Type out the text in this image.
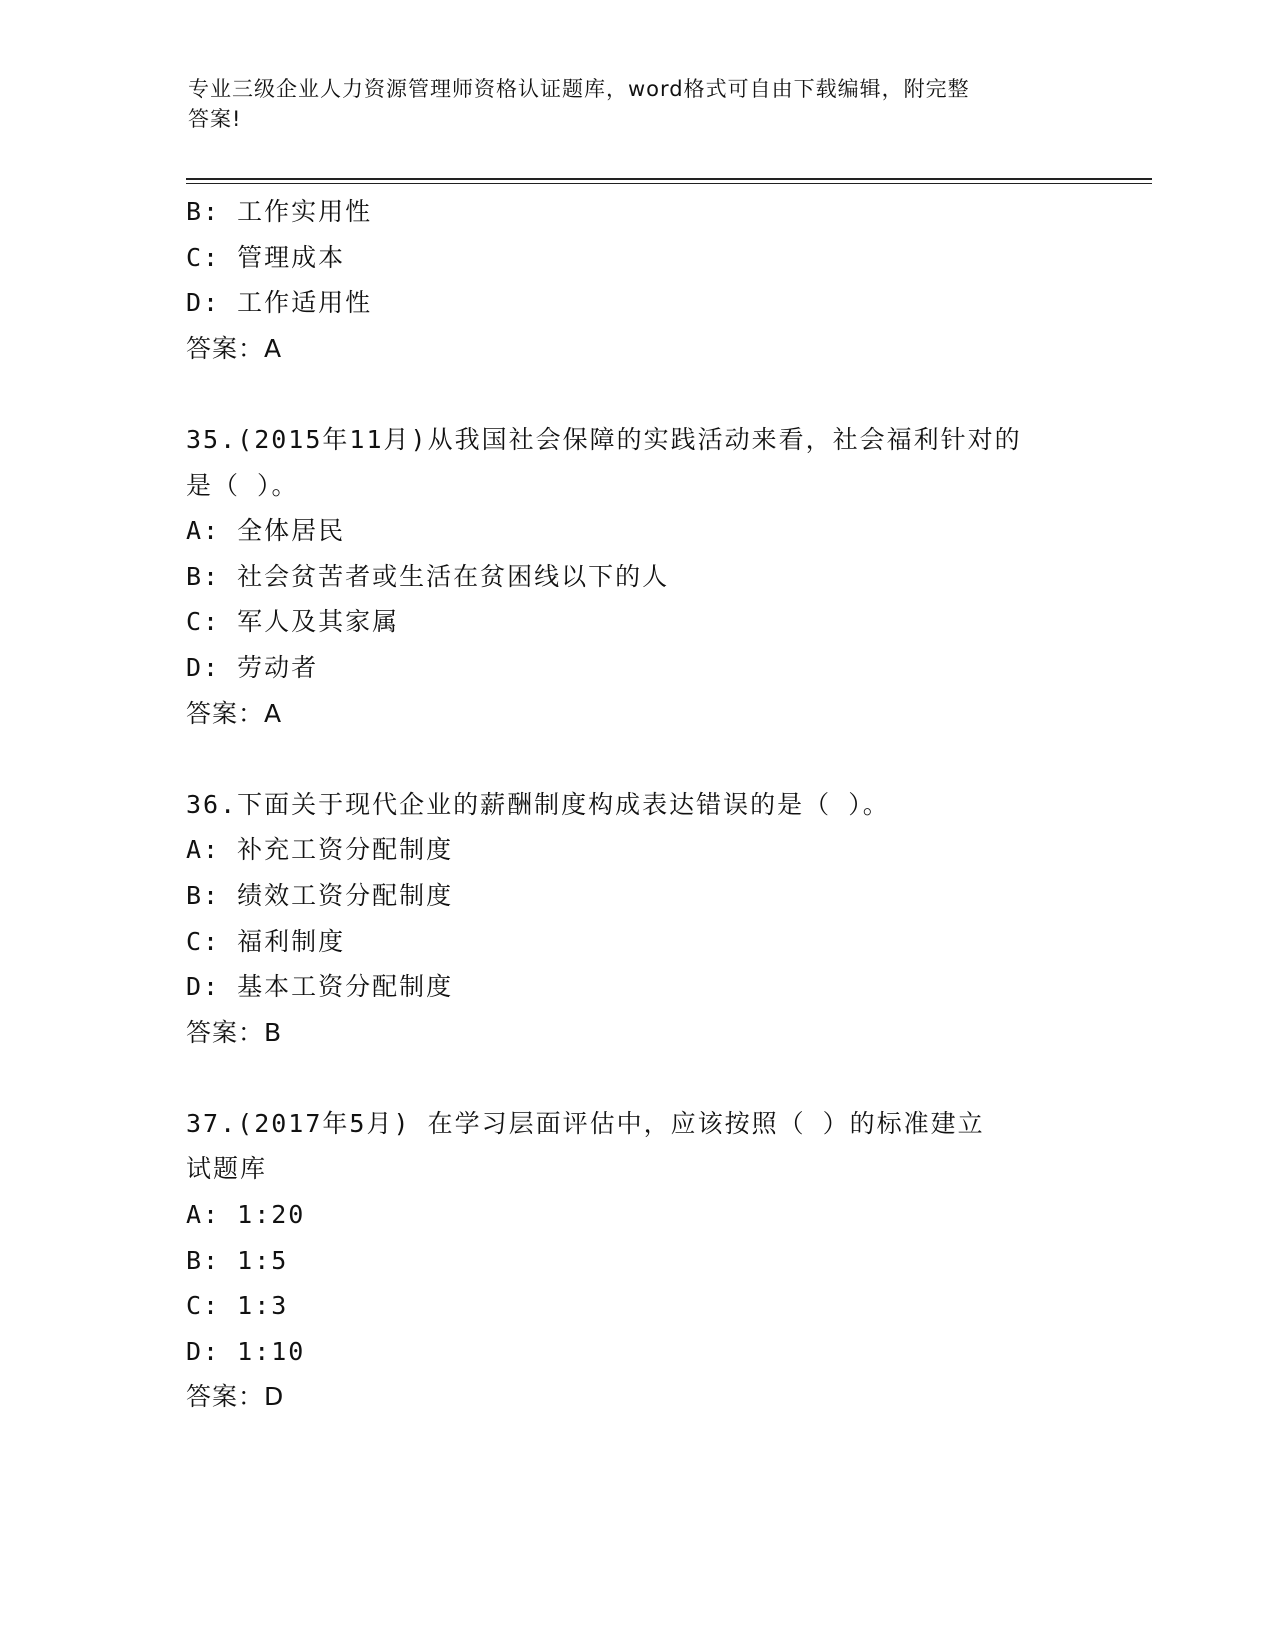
专业三级企业人力资源管理师资格认证题库，word格式可自由下载编辑，附完整
答案!
B: 工作实用性
C: 管理成本
D: 工作适用性
答案：A
35.(2015年11月)从我国社会保障的实践活动来看，社会福利针对的
是（ ）。
A: 全体居民
B: 社会贫苦者或生活在贫困线以下的人
C: 军人及其家属
D: 劳动者
答案：A
36.下面关于现代企业的薪酬制度构成表达错误的是（ ）。
A: 补充工资分配制度
B: 绩效工资分配制度
C: 福利制度
D: 基本工资分配制度
答案：B
37.(2017年5月) 在学习层面评估中，应该按照（ ）的标准建立
试题库
A: 1:20
B: 1:5
C: 1:3
D: 1:10
答案：D
